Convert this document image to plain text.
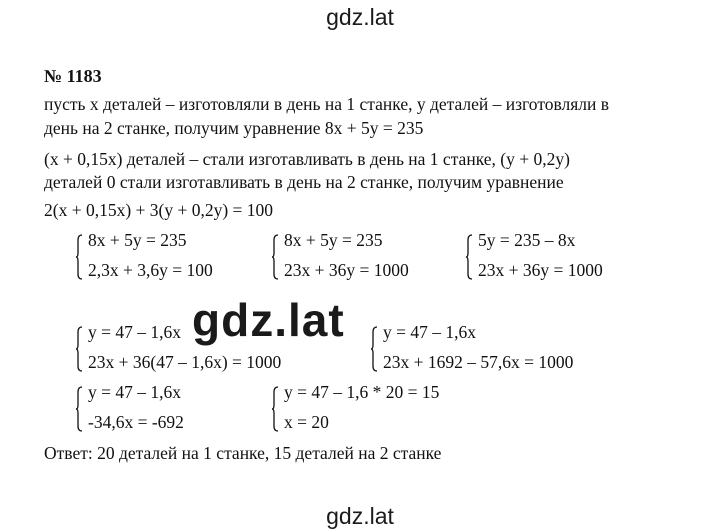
gdz.lat
№ 1183
пусть х деталей – изготовляли в день на 1 станке, у деталей – изготовляли в
день на 2 станке, получим уравнение 8х + 5у = 235
(х + 0,15х) деталей – стали изготавливать в день на 1 станке, (у + 0,2у)
деталей 0 стали изготавливать в день на 2 станке, получим уравнение
2(х + 0,15х) + 3(у + 0,2у) = 100
8х + 5у = 235
2,3х + 3,6у = 100
8х + 5у = 235
23х + 36у = 1000
5у = 235 – 8х
23х + 36у = 1000
у = 47 – 1,6х
23х + 36(47 – 1,6х) = 1000
у = 47 – 1,6х
23х + 1692 – 57,6х = 1000
у = 47 – 1,6х
-34,6х = -692
у = 47 – 1,6 * 20 = 15
х = 20
Ответ: 20 деталей на 1 станке, 15 деталей на 2 станке
gdz.lat
gdz.lat
